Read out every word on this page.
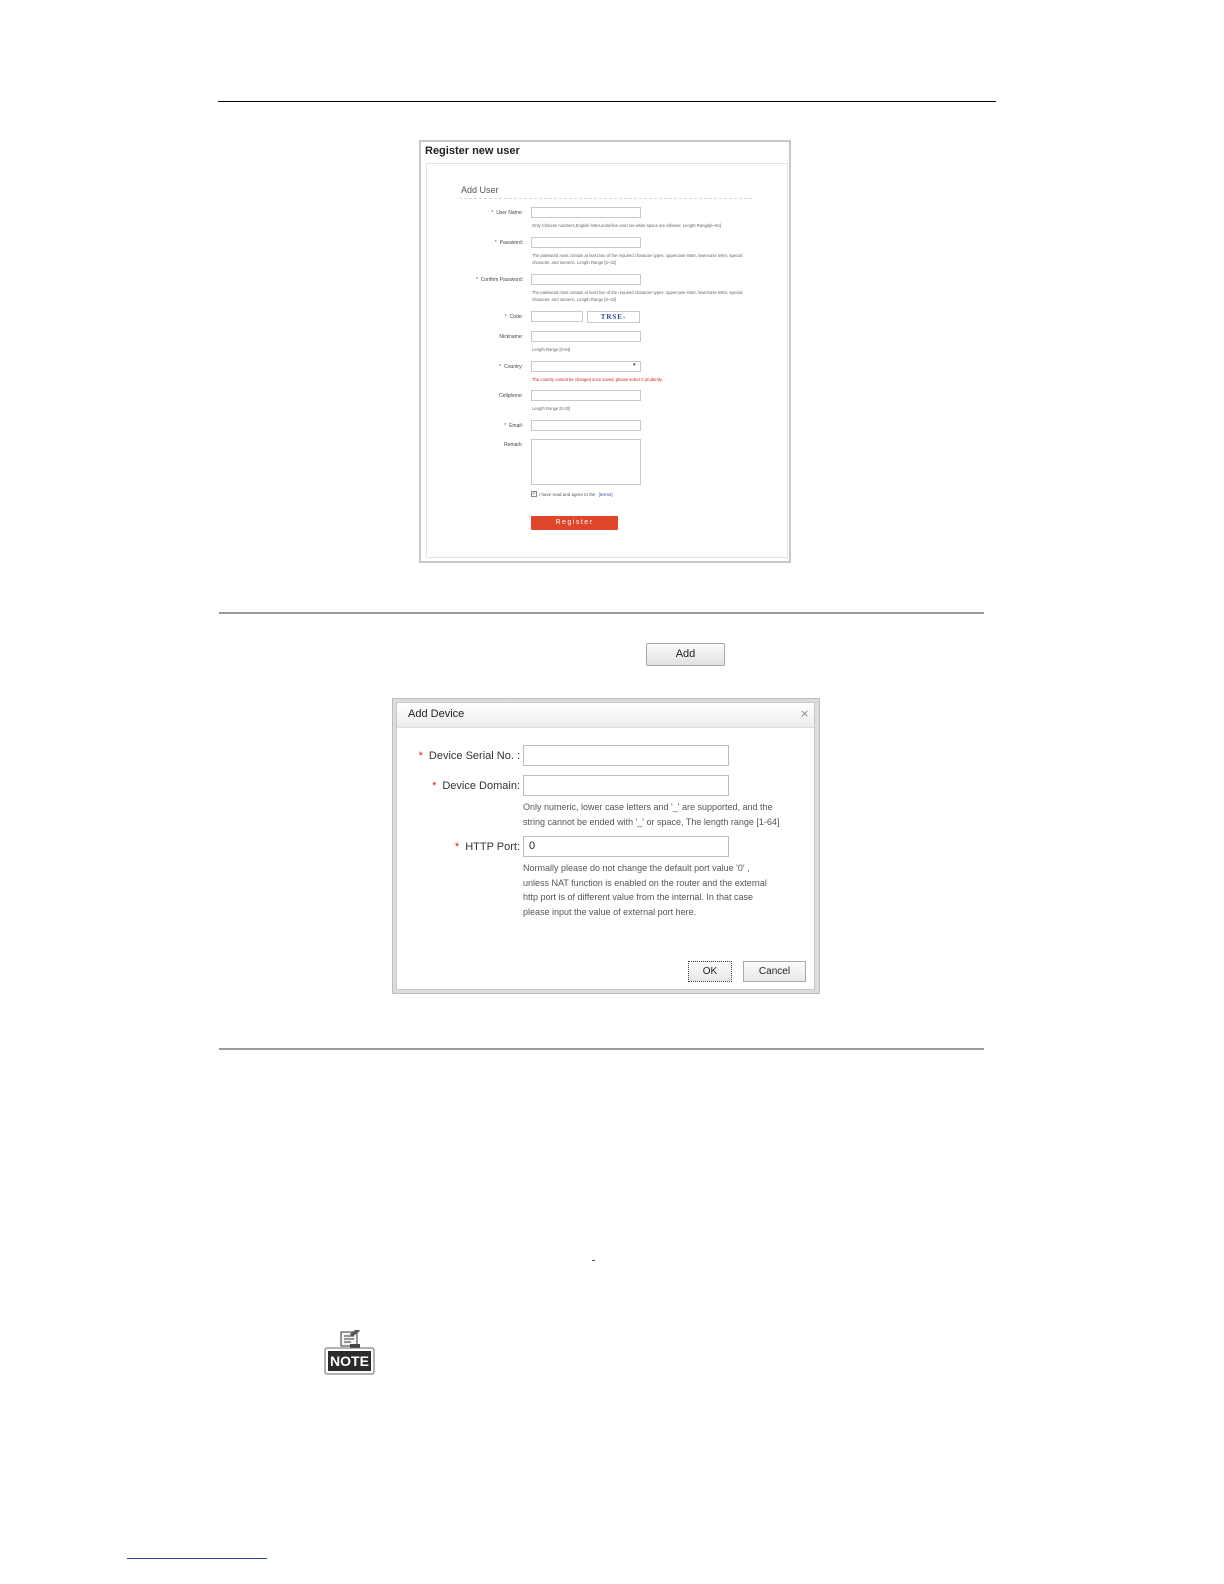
Register new user
Add User
* User Name:
Only Chinese numbers,English letter,underline and non-white space are allowed. Length Range[6~64]
* Password:
The password must contain at least two of the required character types: uppercase letter, lowercase letter, special character, and numeric. Length Range [6~32]
* Confirm Password:
The password must contain at least two of the required character types: uppercase letter, lowercase letter, special character, and numeric. Length Range [6~32]
* Code:	TRSE-
Nickname:
Length Range [0-64]
* Country:	▾
The country cannot be changed once saved, please select it prudently.
Cellphone:
Length Range [0-20]
* Email:
Remark:
✓ I have read and agree to the {terms}
Register
Add
Add Device	×
* Device Serial No. :
* Device Domain:
Only numeric, lower case letters and '_' are supported, and the
string cannot be ended with '_' or space, The length range [1-64]
* HTTP Port: 0
Normally please do not change the default port value '0' ,
unless NAT function is enabled on the router and the external
http port is of different value from the internal. In that case
please input the value of external port here.
OK	Cancel
NOTE
